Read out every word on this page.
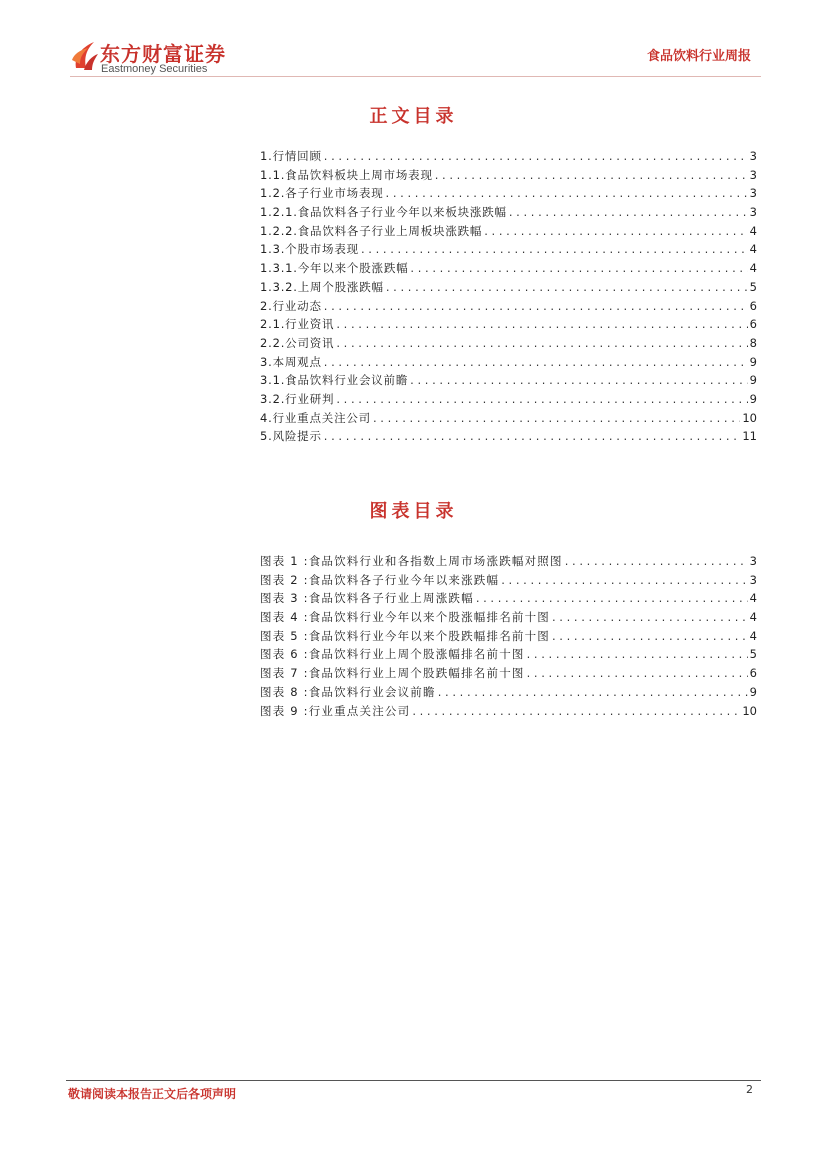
东方财富证券
Eastmoney Securities
食品饮料行业周报
正文目录
1.行情回顾 . . .	3
1.1.食品饮料板块上周市场表现 . . .	3
1.2.各子行业市场表现 . . .	3
1.2.1.食品饮料各子行业今年以来板块涨跌幅 . . .	3
1.2.2.食品饮料各子行业上周板块涨跌幅 . . .	4
1.3.个股市场表现 . . .	4
1.3.1.今年以来个股涨跌幅 . . .	4
1.3.2.上周个股涨跌幅 . . .	5
2.行业动态 . . .	6
2.1.行业资讯 . . .	6
2.2.公司资讯 . . .	8
3.本周观点 . . .	9
3.1.食品饮料行业会议前瞻 . . .	9
3.2.行业研判 . . .	9
4.行业重点关注公司 . . .	10
5.风险提示 . . .	11
图表目录
图表 1 :食品饮料行业和各指数上周市场涨跌幅对照图 . . .	3
图表 2 :食品饮料各子行业今年以来涨跌幅 . . .	3
图表 3 :食品饮料各子行业上周涨跌幅 . . .	4
图表 4 :食品饮料行业今年以来个股涨幅排名前十图 . . .	4
图表 5 :食品饮料行业今年以来个股跌幅排名前十图 . . .	4
图表 6 :食品饮料行业上周个股涨幅排名前十图 . . .	5
图表 7 :食品饮料行业上周个股跌幅排名前十图 . . .	6
图表 8 :食品饮料行业会议前瞻 . . .	9
图表 9 :行业重点关注公司 . . .	10
敬请阅读本报告正文后各项声明	2
